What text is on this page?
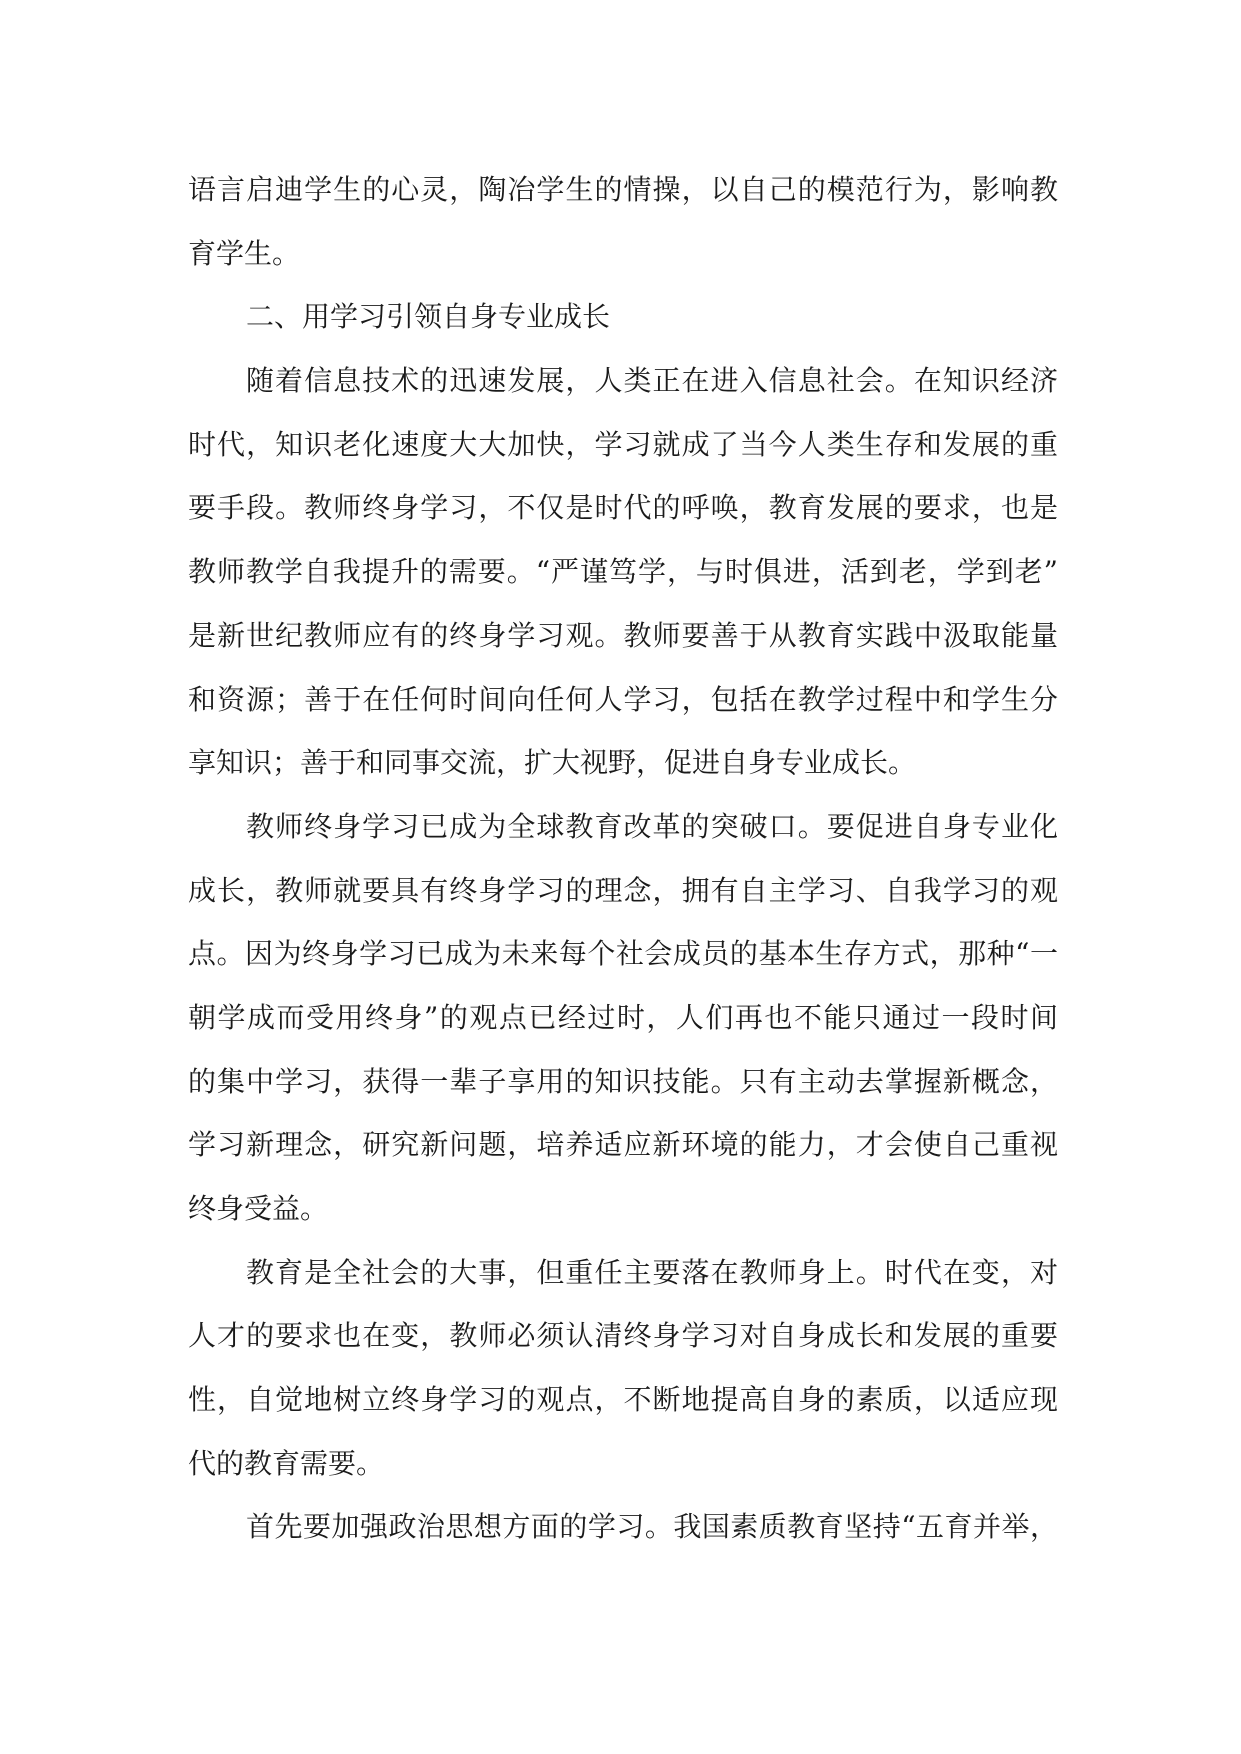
语言启迪学生的心灵，陶冶学生的情操，以自己的模范行为，影响教
育学生。
二、用学习引领自身专业成长
随着信息技术的迅速发展，人类正在进入信息社会。在知识经济
时代，知识老化速度大大加快，学习就成了当今人类生存和发展的重
要手段。教师终身学习，不仅是时代的呼唤，教育发展的要求，也是
教师教学自我提升的需要。“严谨笃学，与时俱进，活到老，学到老”
是新世纪教师应有的终身学习观。教师要善于从教育实践中汲取能量
和资源；善于在任何时间向任何人学习，包括在教学过程中和学生分
享知识；善于和同事交流，扩大视野，促进自身专业成长。
教师终身学习已成为全球教育改革的突破口。要促进自身专业化
成长，教师就要具有终身学习的理念，拥有自主学习、自我学习的观
点。因为终身学习已成为未来每个社会成员的基本生存方式，那种“一
朝学成而受用终身”的观点已经过时，人们再也不能只通过一段时间
的集中学习，获得一辈子享用的知识技能。只有主动去掌握新概念，
学习新理念，研究新问题，培养适应新环境的能力，才会使自己重视
终身受益。
教育是全社会的大事，但重任主要落在教师身上。时代在变，对
人才的要求也在变，教师必须认清终身学习对自身成长和发展的重要
性，自觉地树立终身学习的观点，不断地提高自身的素质，以适应现
代的教育需要。
首先要加强政治思想方面的学习。我国素质教育坚持“五育并举，
